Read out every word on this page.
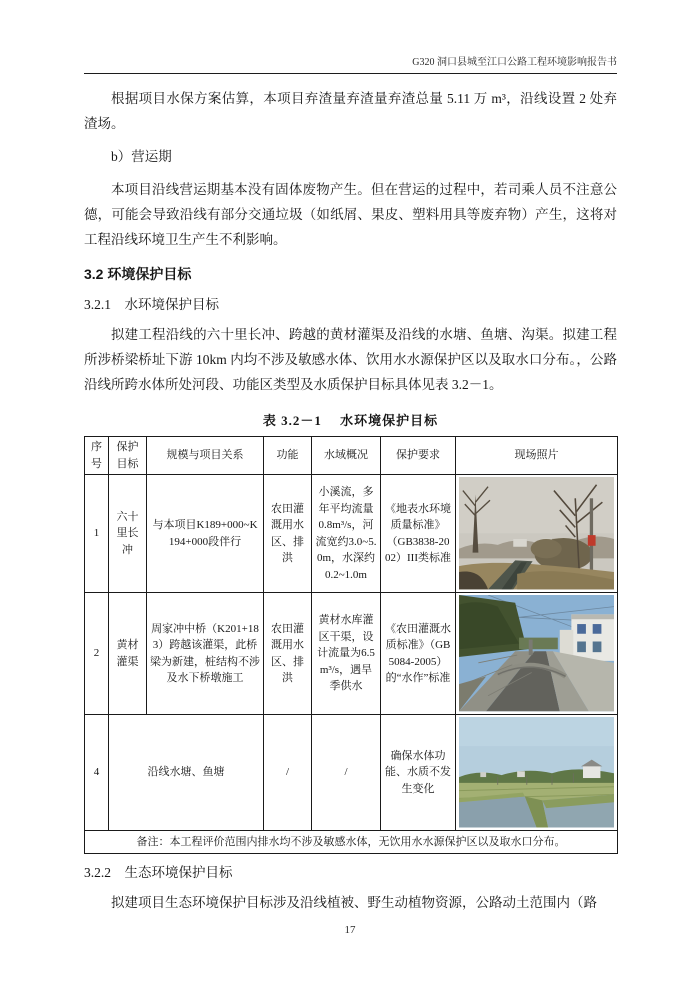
G320 洞口县城至江口公路工程环境影响报告书

根据项目水保方案估算，本项目弃渣量弃渣量弃渣总量 5.11 万 m³，沿线设置 2 处弃渣场。

b）营运期

本项目沿线营运期基本没有固体废物产生。但在营运的过程中，若司乘人员不注意公德，可能会导致沿线有部分交通垃圾（如纸屑、果皮、塑料用具等废弃物）产生，这将对工程沿线环境卫生产生不利影响。

3.2 环境保护目标
3.2.1　水环境保护目标

拟建工程沿线的六十里长冲、跨越的黄材灌渠及沿线的水塘、鱼塘、沟渠。拟建工程所涉桥梁桥址下游 10km 内均不涉及敏感水体、饮用水水源保护区以及取水口分布。，公路沿线所跨水体所处河段、功能区类型及水质保护目标具体见表 3.2－1。

表 3.2－1　 水环境保护目标
序号	保护目标	规模与项目关系	功能	水域概况	保护要求	现场照片
1	六十里长冲	与本项目K189+000~K194+000段伴行	农田灌溉用水区、排洪	小溪流，多年平均流量0.8m³/s，河流宽约3.0~5.0m，水深约0.2~1.0m	《地表水环境质量标准》（GB3838-2002）III类标准	

2	黄材灌渠	周家冲中桥（K201+183）跨越该灌渠，此桥梁为新建，桩结构不涉及水下桥墩施工	农田灌溉用水区、排洪	黄材水库灌区干渠，设计流量为6.5m³/s，遇旱季供水	《农田灌溉水质标准》（GB5084-2005）的“水作”标准	

4	沿线水塘、鱼塘		/	/	确保水体功能、水质不发生变化	

备注：本工程评价范围内排水均不涉及敏感水体，无饮用水水源保护区以及取水口分布。						
3.2.2　生态环境保护目标

拟建项目生态环境保护目标涉及沿线植被、野生动植物资源，公路动土范围内（路

17
